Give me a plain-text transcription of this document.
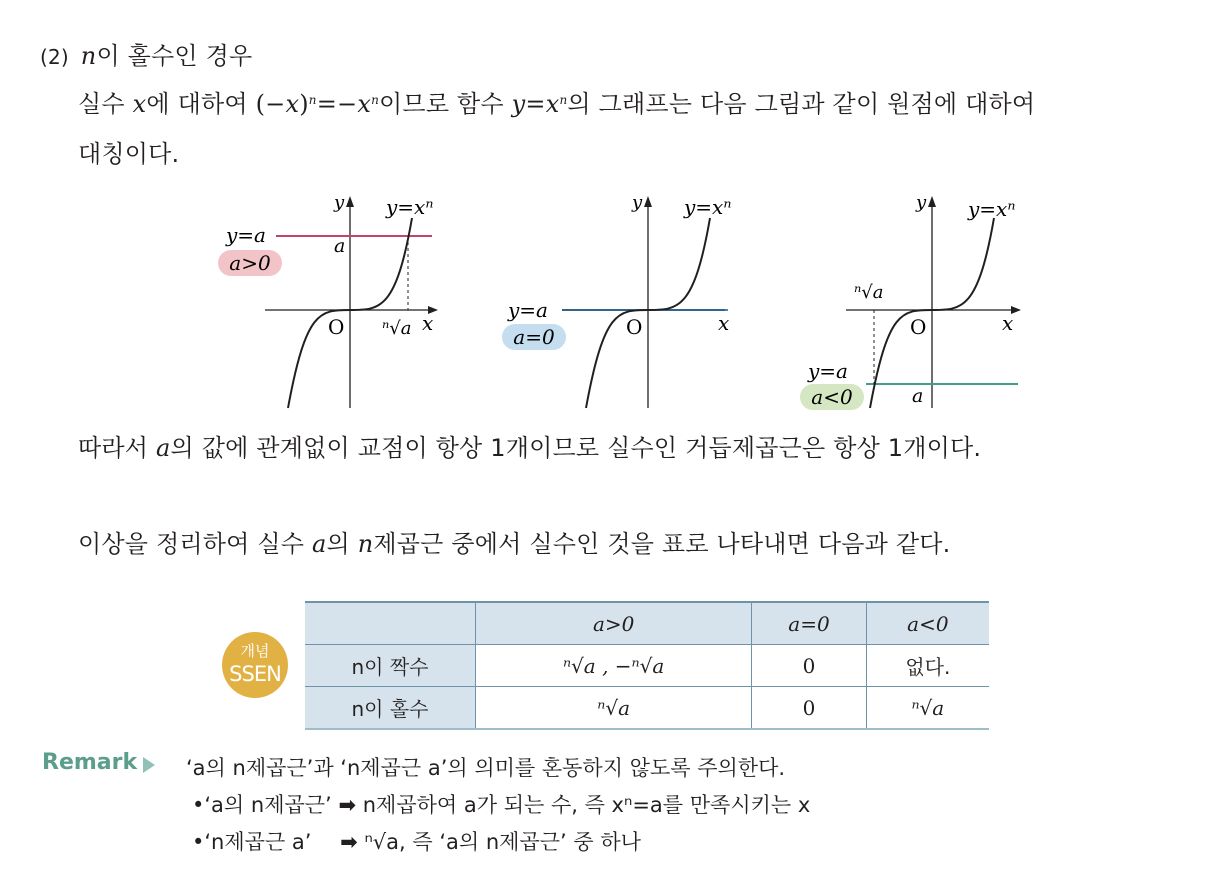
(2) n이 홀수인 경우
실수 x에 대하여 $(-x)^n=-x^n$이므로 함수 $y=x^n$의 그래프는 다음 그림과 같이 원점에 대하여
대칭이다.
a>0
y=a
y=xⁿ
a
O ⁿ√a x
y
a=0
y=a
y=xⁿ
O	x
y
a<0
y=a
y=xⁿ
ⁿ√a
a
O	x
y
따라서 a의 값에 관계없이 교점이 항상 1개이므로 실수인 거듭제곱근은 항상 1개이다.
이상을 정리하여 실수 a의 n제곱근 중에서 실수인 것을 표로 나타내면 다음과 같다.
개념
SSEN
	a>0	a=0	a<0
n이 짝수	ⁿ√a , −ⁿ√a	0	없다.
n이 홀수	ⁿ√a	0	ⁿ√a
Remark	‘a의 n제곱근’과 ‘n제곱근 a’의 의미를 혼동하지 않도록 주의한다.
•‘a의 n제곱근’ ➡ n제곱하여 a가 되는 수, 즉 xⁿ=a를 만족시키는 x
•‘n제곱근 a’ ➡ ⁿ√a, 즉 ‘a의 n제곱근’ 중 하나
